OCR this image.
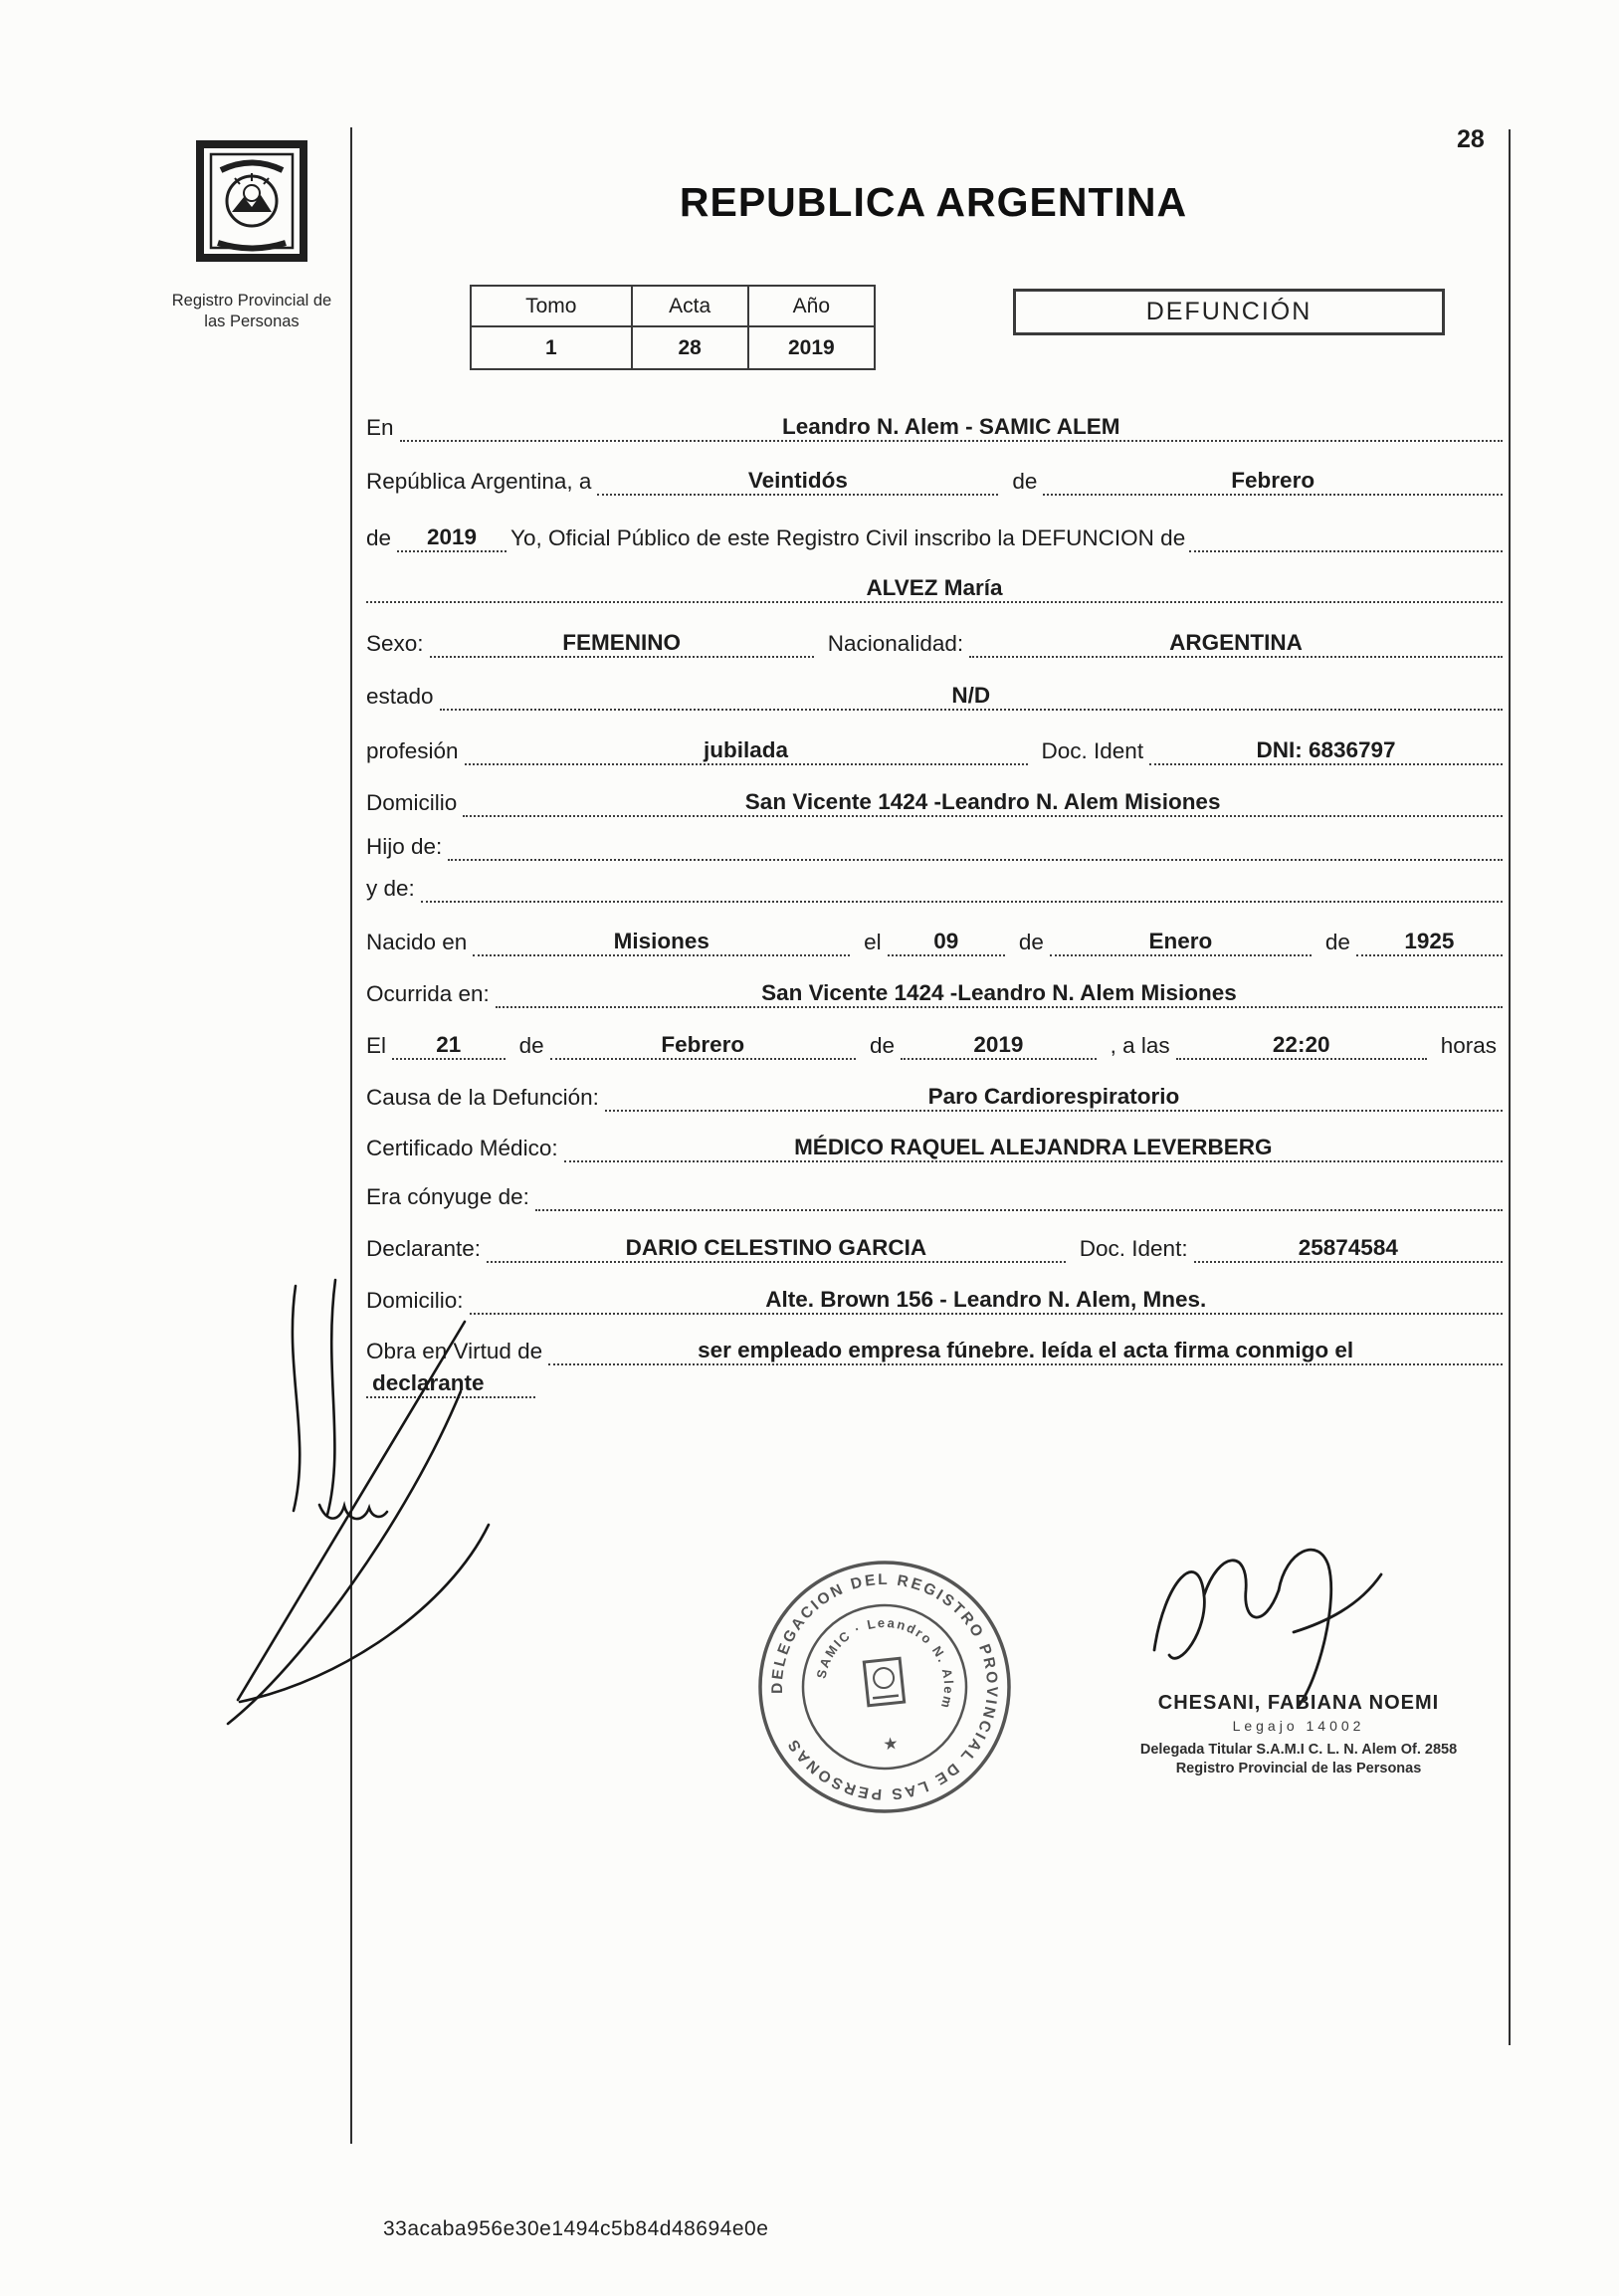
28
Registro Provincial de
las Personas
REPUBLICA ARGENTINA
Tomo	Acta	Año
1	28	2019
DEFUNCIÓN
En	Leandro N. Alem - SAMIC ALEM
República Argentina, a	Veintidós	de	Febrero
de	2019	Yo, Oficial Público de este Registro Civil inscribo la DEFUNCION de
ALVEZ María
Sexo:	FEMENINO	Nacionalidad:	ARGENTINA
estado	N/D
profesión	jubilada	Doc. Ident	DNI: 6836797
Domicilio	San Vicente 1424 -Leandro N. Alem Misiones
Hijo de:
y de:
Nacido en	Misiones	el	09	de	Enero	de	1925
Ocurrida en:	San Vicente 1424 -Leandro N. Alem Misiones
El	21	de	Febrero	de	2019	, a las	22:20	horas
Causa de la Defunción:	Paro Cardiorespiratorio
Certificado Médico:	MÉDICO RAQUEL ALEJANDRA LEVERBERG
Era cónyuge de:
Declarante:	DARIO CELESTINO GARCIA	Doc. Ident:	25874584
Domicilio:	Alte. Brown 156 - Leandro N. Alem, Mnes.
Obra en Virtud de	ser empleado empresa fúnebre. leída el acta firma conmigo el
declarante
DELEGACION DEL REGISTRO PROVINCIAL DE LAS PERSONAS
SAMIC · Leandro N. Alem
★
CHESANI, FABIANA NOEMI
Legajo 14002
Delegada Titular S.A.M.I C. L. N. Alem Of. 2858
Registro Provincial de las Personas
33acaba956e30e1494c5b84d48694e0e
